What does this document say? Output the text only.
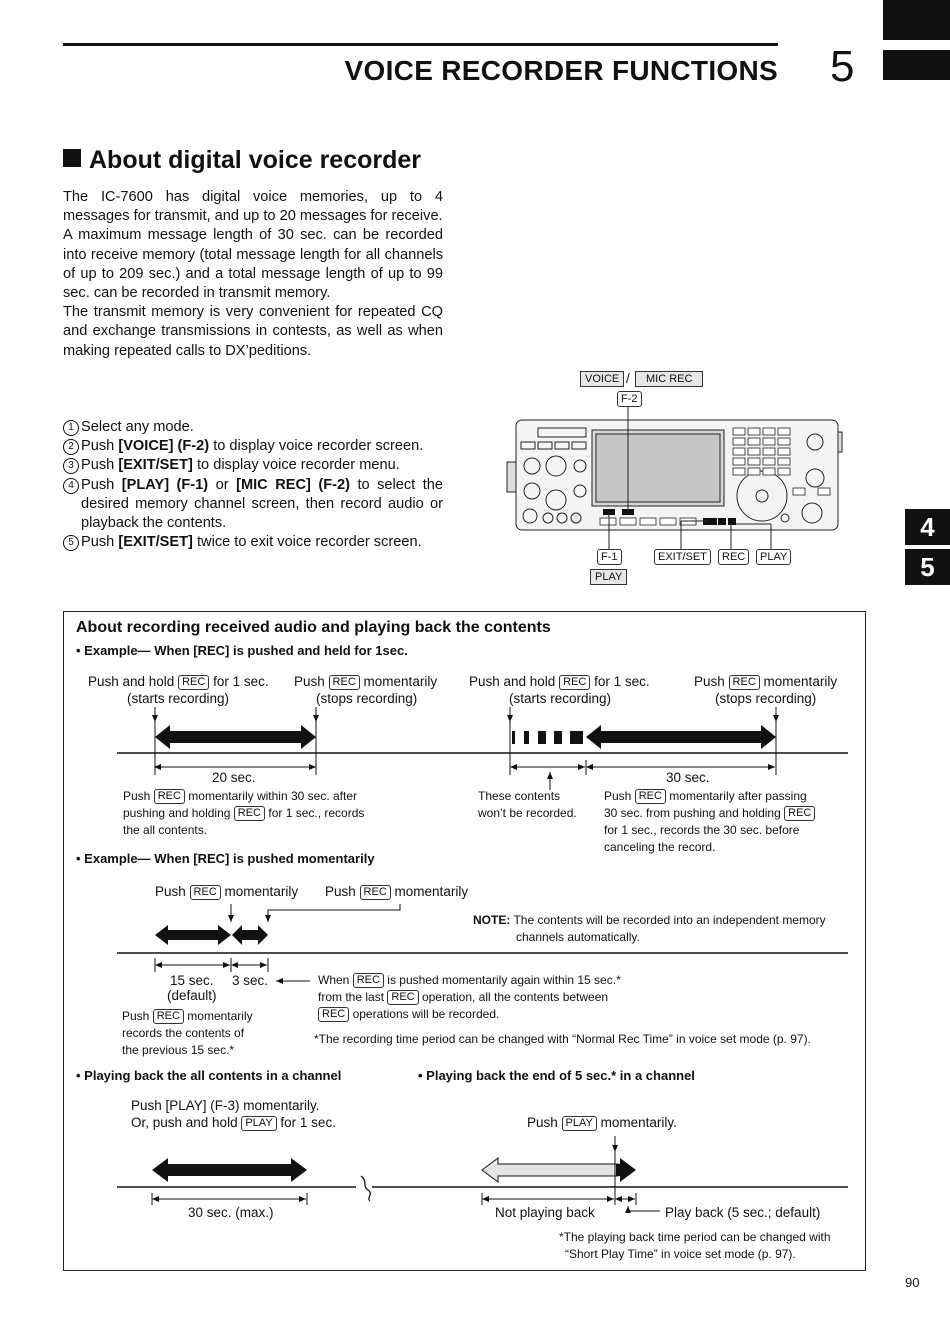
VOICE RECORDER FUNCTIONS 5
4
5
About digital voice recorder

The IC-7600 has digital voice memories, up to 4 messages for transmit, and up to 20 messages for receive.

A maximum message length of 30 sec. can be recorded into receive memory (total message length for all channels of up to 209 sec.) and a total message length of up to 99 sec. can be recorded in transmit memory.

The transmit memory is very convenient for repeated CQ and exchange transmissions in contests, as well as when making repeated calls to DX’peditions.

1 Select any mode.
2 Push [VOICE] (F-2) to display voice recorder screen.
3 Push [EXIT/SET] to display voice recorder menu.
4 Push [PLAY] (F-1) or [MIC REC] (F-2) to select the desired memory channel screen, then record audio or playback the contents.
5 Push [EXIT/SET] twice to exit voice recorder screen.
VOICE /	MIC REC
F-2
F-1
PLAY
EXIT/SET	REC	PLAY
About recording received audio and playing back the contents
• Example— When [REC] is pushed and held for 1sec.
Push and hold REC for 1 sec.
(starts recording)
Push REC momentarily
(stops recording)
Push and hold REC for 1 sec.
(starts recording)
Push REC momentarily
(stops recording)
20 sec.	30 sec.
Push REC momentarily within 30 sec. after
pushing and holding REC for 1 sec., records
the all contents.
These contents
won’t be recorded.
Push REC momentarily after passing
30 sec. from pushing and holding REC
for 1 sec., records the 30 sec. before
canceling the record.
• Example— When [REC] is pushed momentarily
Push REC momentarily Push REC momentarily
NOTE: The contents will be recorded into an independent memory
channels automatically.
15 sec.
(default)
3 sec.	When REC is pushed momentarily again within 15 sec.*
from the last REC operation, all the contents between
REC operations will be recorded.
Push REC momentarily
records the contents of
the previous 15 sec.*
*The recording time period can be changed with “Normal Rec Time” in voice set mode (p. 97).
• Playing back the all contents in a channel	• Playing back the end of 5 sec.* in a channel
Push [PLAY] (F-3) momentarily.
Or, push and hold PLAY for 1 sec.	Push PLAY momentarily.
30 sec. (max.)	Not playing back	Play back (5 sec.; default)
*The playing back time period can be changed with
“Short Play Time” in voice set mode (p. 97).
90
